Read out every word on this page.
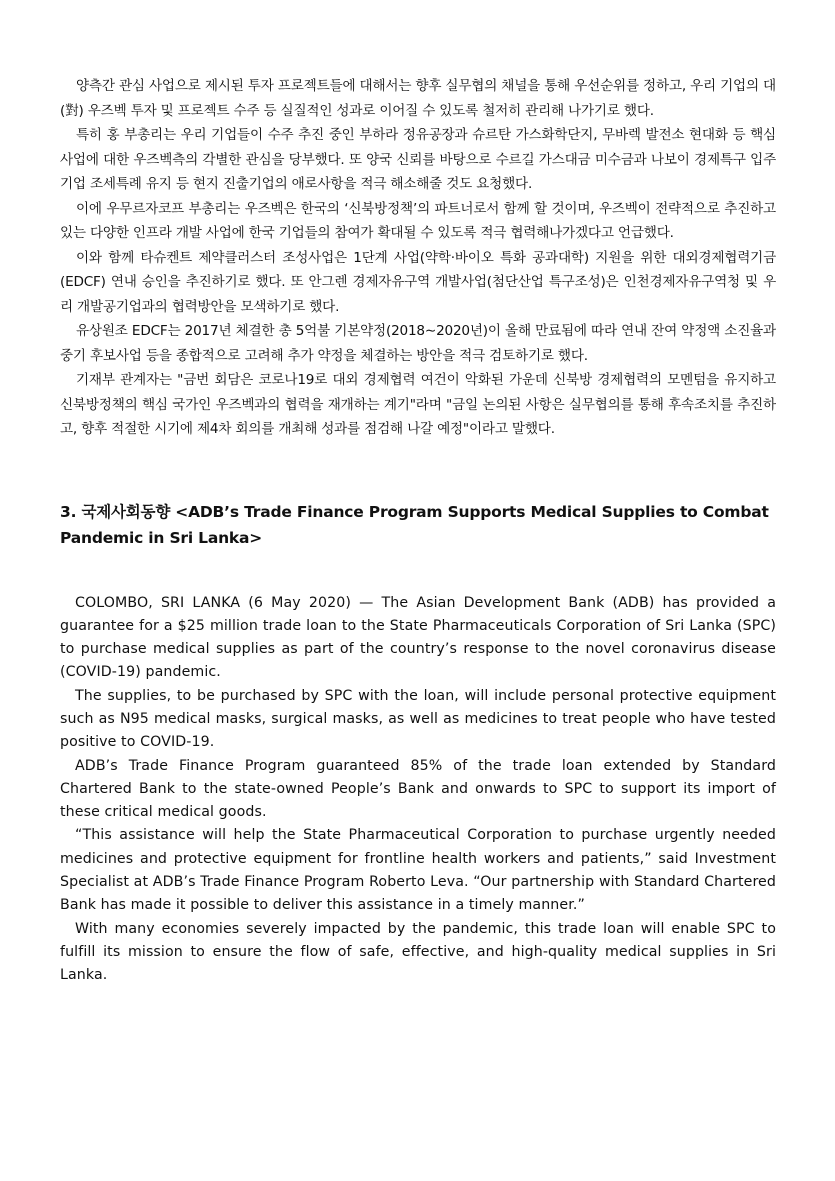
양측간 관심 사업으로 제시된 투자 프로젝트들에 대해서는 향후 실무협의 채널을 통해 우선순위를 정하고, 우리 기업의 대(對) 우즈벡 투자 및 프로젝트 수주 등 실질적인 성과로 이어질 수 있도록 철저히 관리해 나가기로 했다.

특히 홍 부총리는 우리 기업들이 수주 추진 중인 부하라 정유공장과 슈르탄 가스화학단지, 무바렉 발전소 현대화 등 핵심사업에 대한 우즈벡측의 각별한 관심을 당부했다. 또 양국 신뢰를 바탕으로 수르길 가스대금 미수금과 나보이 경제특구 입주기업 조세특례 유지 등 현지 진출기업의 애로사항을 적극 해소해줄 것도 요청했다.

이에 우무르자코프 부총리는 우즈벡은 한국의 ‘신북방정책’의 파트너로서 함께 할 것이며, 우즈벡이 전략적으로 추진하고 있는 다양한 인프라 개발 사업에 한국 기업들의 참여가 확대될 수 있도록 적극 협력해나가겠다고 언급했다.

이와 함께 타슈켄트 제약클러스터 조성사업은 1단계 사업(약학·바이오 특화 공과대학) 지원을 위한 대외경제협력기금(EDCF) 연내 승인을 추진하기로 했다. 또 안그렌 경제자유구역 개발사업(첨단산업 특구조성)은 인천경제자유구역청 및 우리 개발공기업과의 협력방안을 모색하기로 했다.

유상원조 EDCF는 2017년 체결한 총 5억불 기본약정(2018∼2020년)이 올해 만료됨에 따라 연내 잔여 약정액 소진율과 중기 후보사업 등을 종합적으로 고려해 추가 약정을 체결하는 방안을 적극 검토하기로 했다.

기재부 관계자는 "금번 회담은 코로나19로 대외 경제협력 여건이 악화된 가운데 신북방 경제협력의 모멘텀을 유지하고 신북방정책의 핵심 국가인 우즈벡과의 협력을 재개하는 계기"라며 "금일 논의된 사항은 실무협의를 통해 후속조치를 추진하고, 향후 적절한 시기에 제4차 회의를 개최해 성과를 점검해 나갈 예정"이라고 말했다.

3. 국제사회동향 <ADB’s Trade Finance Program Supports Medical Supplies to Combat Pandemic in Sri Lanka>

COLOMBO, SRI LANKA (6 May 2020) — The Asian Development Bank (ADB) has provided a guarantee for a $25 million trade loan to the State Pharmaceuticals Corporation of Sri Lanka (SPC) to purchase medical supplies as part of the country’s response to the novel coronavirus disease (COVID-19) pandemic.

The supplies, to be purchased by SPC with the loan, will include personal protective equipment such as N95 medical masks, surgical masks, as well as medicines to treat people who have tested positive to COVID-19.

ADB’s Trade Finance Program guaranteed 85% of the trade loan extended by Standard Chartered Bank to the state-owned People’s Bank and onwards to SPC to support its import of these critical medical goods.

“This assistance will help the State Pharmaceutical Corporation to purchase urgently needed medicines and protective equipment for frontline health workers and patients,” said Investment Specialist at ADB’s Trade Finance Program Roberto Leva. “Our partnership with Standard Chartered Bank has made it possible to deliver this assistance in a timely manner.”

With many economies severely impacted by the pandemic, this trade loan will enable SPC to fulfill its mission to ensure the flow of safe, effective, and high-quality medical supplies in Sri Lanka.
